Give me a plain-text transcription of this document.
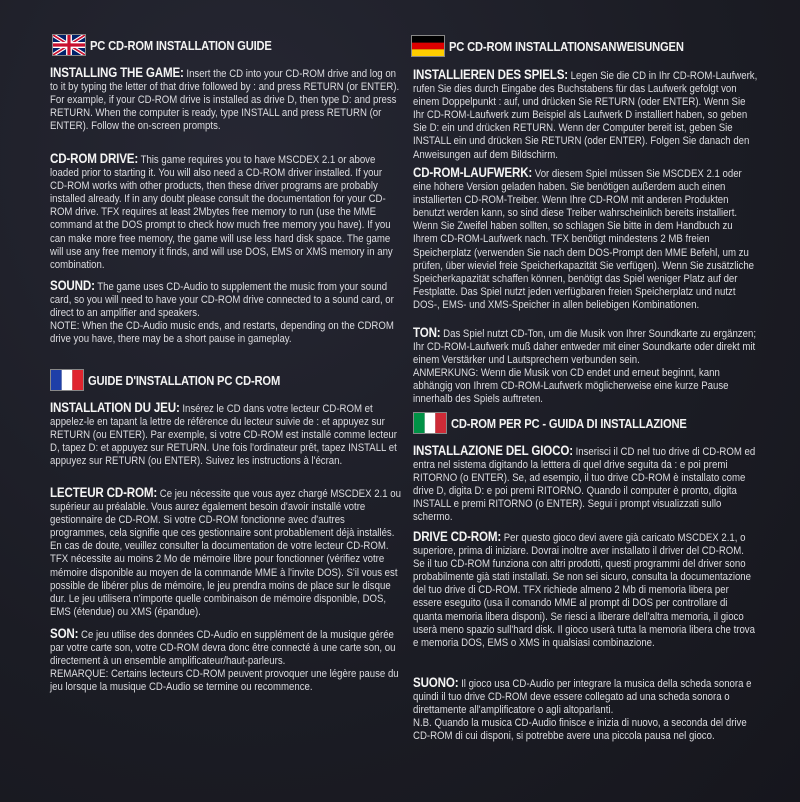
PC CD-ROM INSTALLATION GUIDE

INSTALLING THE GAME: Insert the CD into your CD-ROM drive and log on to it by typing the letter of that drive followed by : and press RETURN (or ENTER). For example, if your CD-ROM drive is installed as drive D, then type D: and press RETURN. When the computer is ready, type INSTALL and press RETURN (or ENTER). Follow the on-screen prompts.

CD-ROM DRIVE: This game requires you to have MSCDEX 2.1 or above loaded prior to starting it. You will also need a CD-ROM driver installed. If your CD-ROM works with other products, then these driver programs are probably installed already. If in any doubt please consult the documentation for your CD-ROM drive. TFX requires at least 2Mbytes free memory to run (use the MME command at the DOS prompt to check how much free memory you have). If you can make more free memory, the game will use less hard disk space. The game will use any free memory it finds, and will use DOS, EMS or XMS memory in any combination.

SOUND: The game uses CD-Audio to supplement the music from your sound card, so you will need to have your CD-ROM drive connected to a sound card, or direct to an amplifier and speakers.

NOTE: When the CD-Audio music ends, and restarts, depending on the CDROM drive you have, there may be a short pause in gameplay.

GUIDE D'INSTALLATION PC CD-ROM

INSTALLATION DU JEU: Insérez le CD dans votre lecteur CD-ROM et appelez-le en tapant la lettre de référence du lecteur suivie de : et appuyez sur RETURN (ou ENTER). Par exemple, si votre CD-ROM est installé comme lecteur D, tapez D: et appuyez sur RETURN. Une fois l'ordinateur prêt, tapez INSTALL et appuyez sur RETURN (ou ENTER). Suivez les instructions à l'écran.

LECTEUR CD-ROM: Ce jeu nécessite que vous ayez chargé MSCDEX 2.1 ou supérieur au préalable. Vous aurez également besoin d'avoir installé votre gestionnaire de CD-ROM. Si votre CD-ROM fonctionne avec d'autres programmes, cela signifie que ces gestionnaire sont probablement déjà installés. En cas de doute, veuillez consulter la documentation de votre lecteur CD-ROM. TFX nécessite au moins 2 Mo de mémoire libre pour fonctionner (vérifiez votre mémoire disponible au moyen de la commande MME à l'invite DOS). S'il vous est possible de libérer plus de mémoire, le jeu prendra moins de place sur le disque dur. Le jeu utilisera n'importe quelle combinaison de mémoire disponible, DOS, EMS (étendue) ou XMS (épandue).

SON: Ce jeu utilise des données CD-Audio en supplément de la musique gérée par votre carte son, votre CD-ROM devra donc être connecté à une carte son, ou directement à un ensemble amplificateur/haut-parleurs.

REMARQUE: Certains lecteurs CD-ROM peuvent provoquer une légère pause du jeu lorsque la musique CD-Audio se termine ou recommence.

PC CD-ROM INSTALLATIONSANWEISUNGEN

INSTALLIEREN DES SPIELS: Legen Sie die CD in Ihr CD-ROM-Laufwerk, rufen Sie dies durch Eingabe des Buchstabens für das Laufwerk gefolgt von einem Doppelpunkt : auf, und drücken Sie RETURN (oder ENTER). Wenn Sie Ihr CD-ROM-Laufwerk zum Beispiel als Laufwerk D installiert haben, so geben Sie D: ein und drücken RETURN. Wenn der Computer bereit ist, geben Sie INSTALL ein und drücken Sie RETURN (oder ENTER). Folgen Sie danach den Anweisungen auf dem Bildschirm.

CD-ROM-LAUFWERK: Vor diesem Spiel müssen Sie MSCDEX 2.1 oder eine höhere Version geladen haben. Sie benötigen außerdem auch einen installierten CD-ROM-Treiber. Wenn Ihre CD-ROM mit anderen Produkten benutzt werden kann, so sind diese Treiber wahrscheinlich bereits installiert. Wenn Sie Zweifel haben sollten, so schlagen Sie bitte in dem Handbuch zu Ihrem CD-ROM-Laufwerk nach. TFX benötigt mindestens 2 MB freien Speicherplatz (verwenden Sie nach dem DOS-Prompt den MME Befehl, um zu prüfen, über wieviel freie Speicherkapazität Sie verfügen). Wenn Sie zusätzliche Speicherkapazität schaffen können, benötigt das Spiel weniger Platz auf der Festplatte. Das Spiel nutzt jeden verfügbaren freien Speicherplatz und nutzt DOS-, EMS- und XMS-Speicher in allen beliebigen Kombinationen.

TON: Das Spiel nutzt CD-Ton, um die Musik von Ihrer Soundkarte zu ergänzen; Ihr CD-ROM-Laufwerk muß daher entweder mit einer Soundkarte oder direkt mit einem Verstärker und Lautsprechern verbunden sein.

ANMERKUNG: Wenn die Musik von CD endet und erneut beginnt, kann abhängig von Ihrem CD-ROM-Laufwerk möglicherweise eine kurze Pause innerhalb des Spiels auftreten.

CD-ROM PER PC - GUIDA DI INSTALLAZIONE

INSTALLAZIONE DEL GIOCO: Inserisci il CD nel tuo drive di CD-ROM ed entra nel sistema digitando la letttera di quel drive seguita da : e poi premi RITORNO (o ENTER). Se, ad esempio, il tuo drive CD-ROM è installato come drive D, digita D: e poi premi RITORNO. Quando il computer è pronto, digita INSTALL e premi RITORNO (o ENTER). Segui i prompt visualizzati sullo schermo.

DRIVE CD-ROM: Per questo gioco devi avere già caricato MSCDEX 2.1, o superiore, prima di iniziare. Dovrai inoltre aver installato il driver del CD-ROM. Se il tuo CD-ROM funziona con altri prodotti, questi programmi del driver sono probabilmente già stati installati. Se non sei sicuro, consulta la documentazione del tuo drive di CD-ROM. TFX richiede almeno 2 Mb di memoria libera per essere eseguito (usa il comando MME al prompt di DOS per controllare di quanta memoria libera disponi). Se riesci a liberare dell'altra memoria, il gioco userà meno spazio sull'hard disk. Il gioco userà tutta la memoria libera che trova e memoria DOS, EMS o XMS in qualsiasi combinazione.

SUONO: Il gioco usa CD-Audio per integrare la musica della scheda sonora e quindi il tuo drive CD-ROM deve essere collegato ad una scheda sonora o direttamente all'amplificatore o agli altoparlanti.

N.B. Quando la musica CD-Audio finisce e inizia di nuovo, a seconda del drive CD-ROM di cui disponi, si potrebbe avere una piccola pausa nel gioco.
